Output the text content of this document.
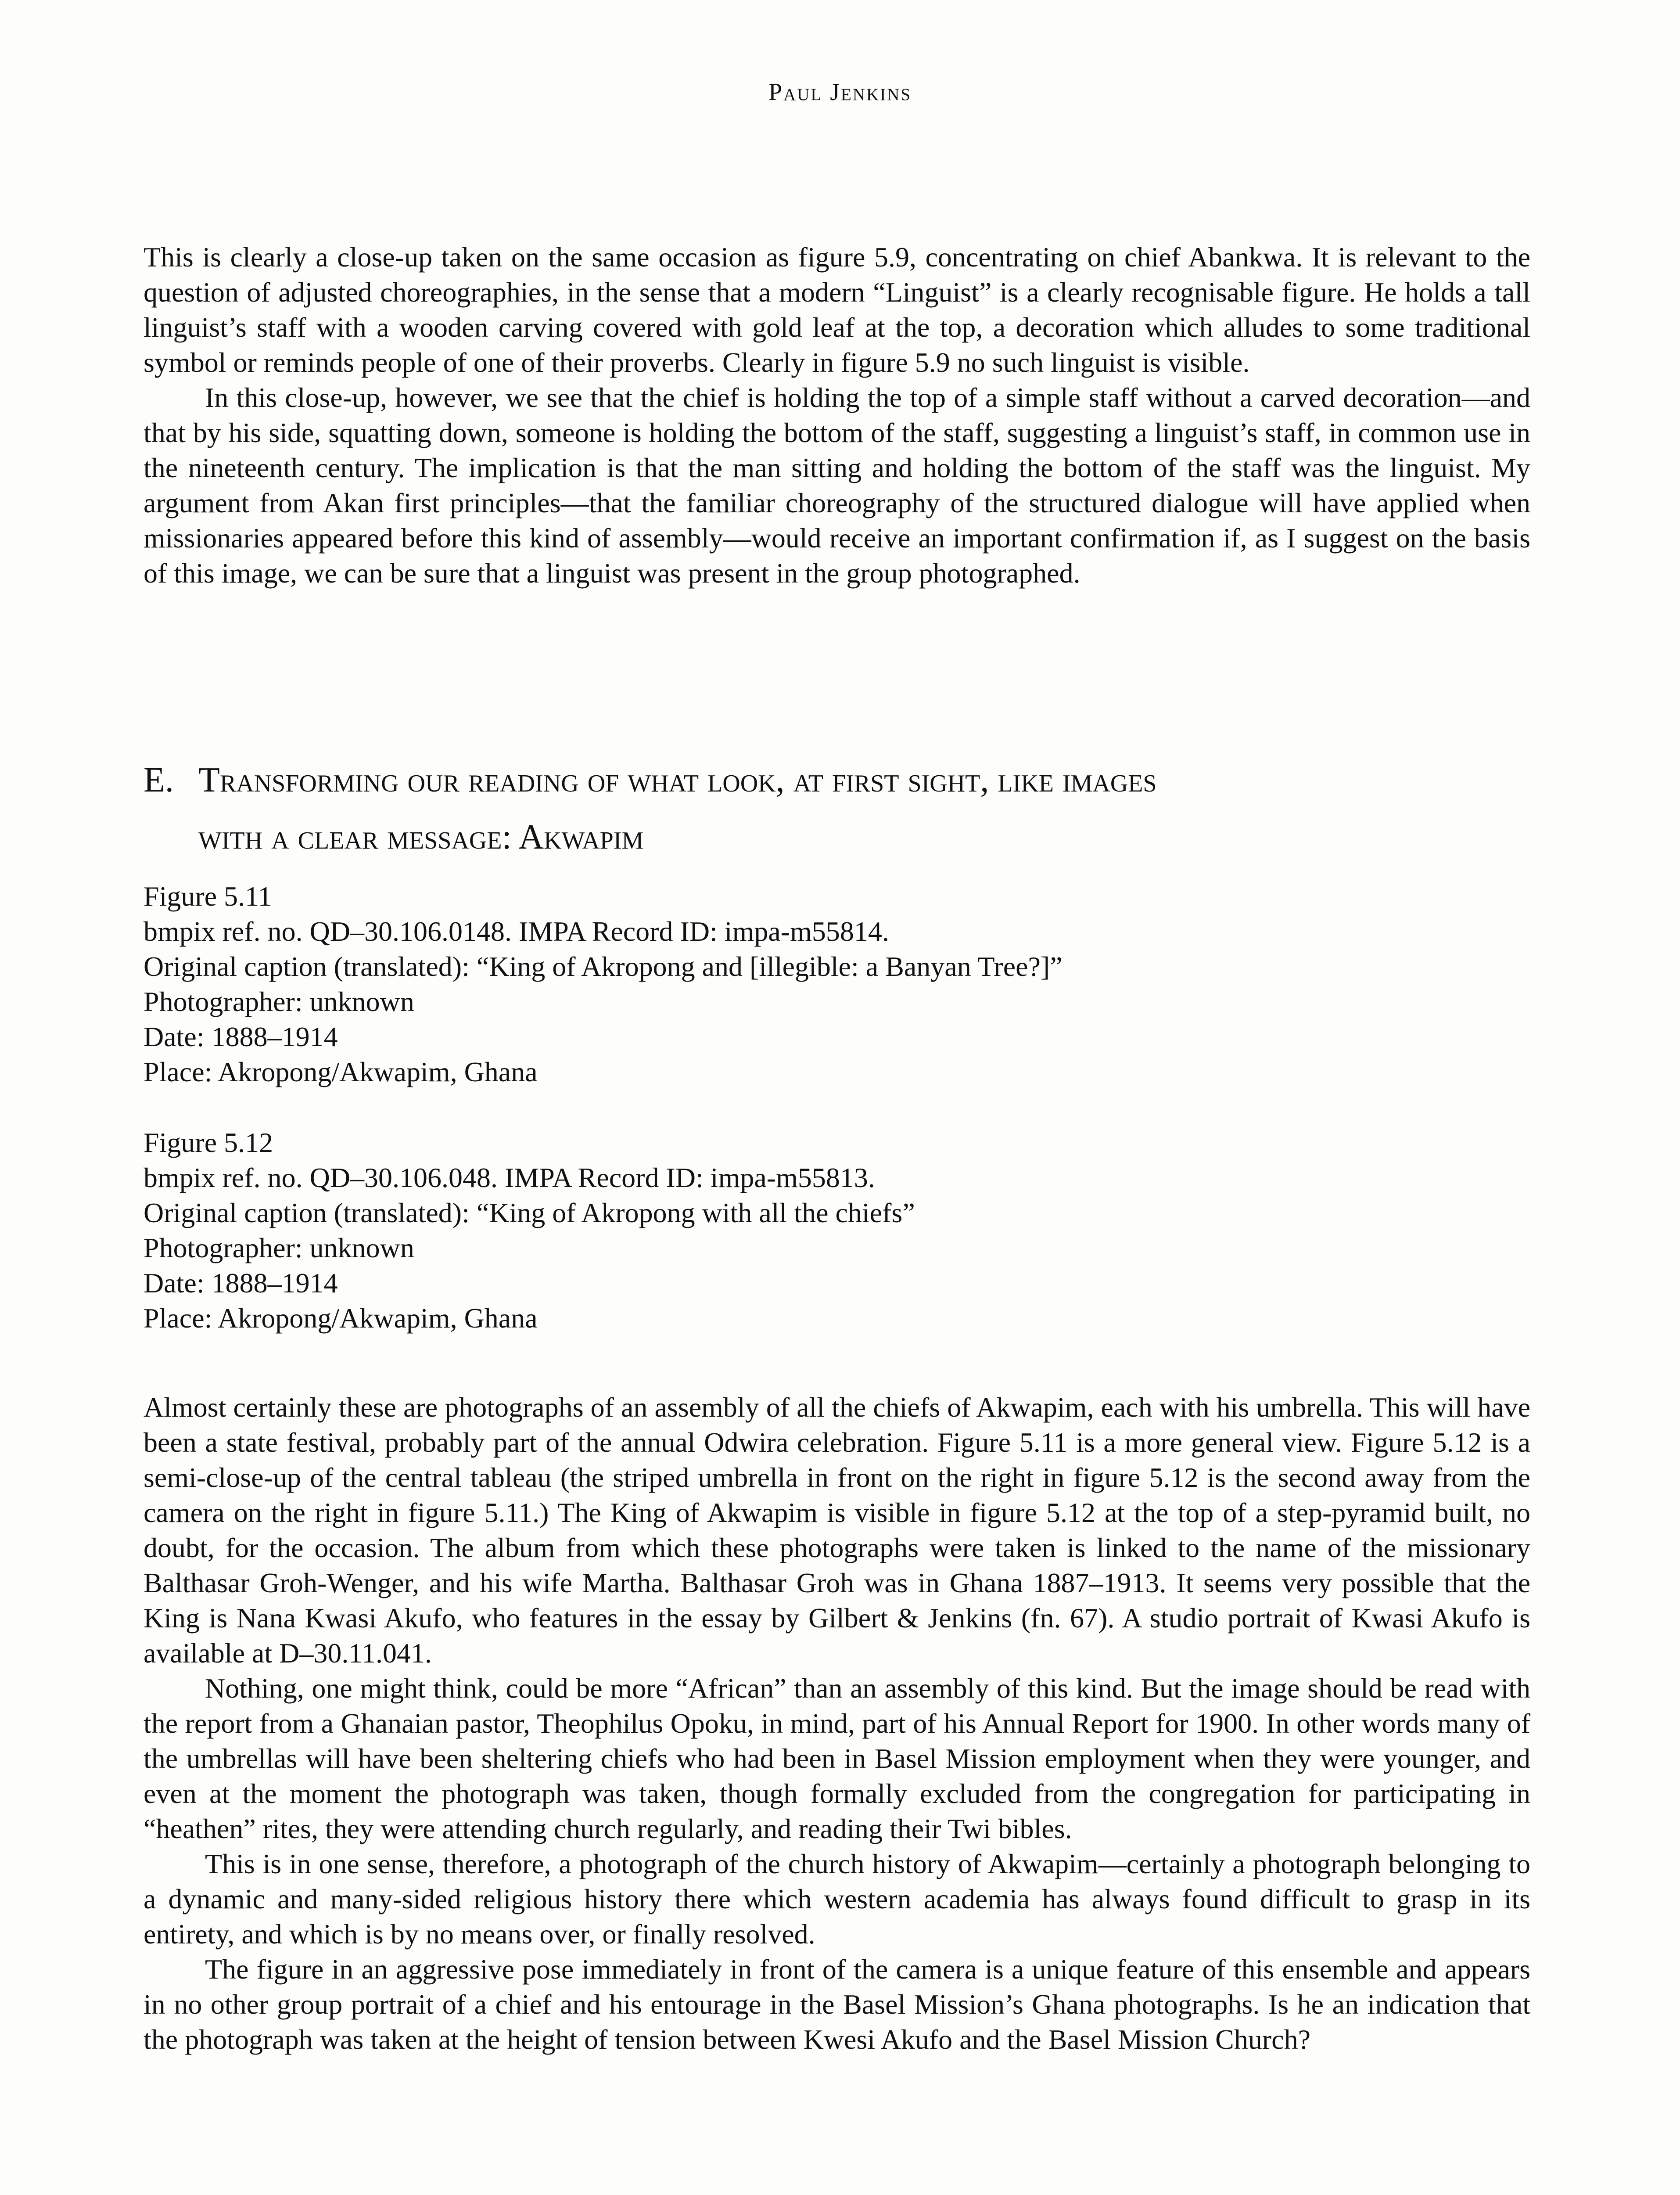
Paul Jenkins

This is clearly a close-up taken on the same occasion as figure 5.9, concentrating on chief Abankwa. It is relevant to the question of adjusted choreographies, in the sense that a modern “Linguist” is a clearly recognisable figure. He holds a tall linguist’s staff with a wooden carving covered with gold leaf at the top, a decoration which alludes to some traditional symbol or reminds people of one of their proverbs. Clearly in figure 5.9 no such linguist is visible.

In this close-up, however, we see that the chief is holding the top of a simple staff without a carved decoration—and that by his side, squatting down, someone is holding the bottom of the staff, suggesting a linguist’s staff, in common use in the nineteenth century. The implication is that the man sitting and holding the bottom of the staff was the linguist. My argument from Akan first principles—that the familiar choreography of the structured dialogue will have applied when missionaries appeared before this kind of assembly—would receive an important confirmation if, as I suggest on the basis of this image, we can be sure that a linguist was present in the group photographed.

E. Transforming our reading of what look, at first sight, like images
with a clear message: Akwapim
Figure 5.11
bmpix ref. no. QD–30.106.0148. IMPA Record ID: impa-m55814.
Original caption (translated): “King of Akropong and [illegible: a Banyan Tree?]”
Photographer: unknown
Date: 1888–1914
Place: Akropong/Akwapim, Ghana
Figure 5.12
bmpix ref. no. QD–30.106.048. IMPA Record ID: impa-m55813.
Original caption (translated): “King of Akropong with all the chiefs”
Photographer: unknown
Date: 1888–1914
Place: Akropong/Akwapim, Ghana

Almost certainly these are photographs of an assembly of all the chiefs of Akwapim, each with his umbrella. This will have been a state festival, probably part of the annual Odwira celebration. Figure 5.11 is a more general view. Figure 5.12 is a semi-close-up of the central tableau (the striped umbrella in front on the right in figure 5.12 is the second away from the camera on the right in figure 5.11.) The King of Akwapim is visible in figure 5.12 at the top of a step-pyramid built, no doubt, for the occasion. The album from which these photographs were taken is linked to the name of the missionary Balthasar Groh-Wenger, and his wife Martha. Balthasar Groh was in Ghana 1887–1913. It seems very possible that the King is Nana Kwasi Akufo, who features in the essay by Gilbert & Jenkins (fn. 67). A studio portrait of Kwasi Akufo is available at D–30.11.041.

Nothing, one might think, could be more “African” than an assembly of this kind. But the image should be read with the report from a Ghanaian pastor, Theophilus Opoku, in mind, part of his Annual Report for 1900. In other words many of the umbrellas will have been sheltering chiefs who had been in Basel Mission employment when they were younger, and even at the moment the photograph was taken, though formally excluded from the congregation for participating in “heathen” rites, they were attending church regularly, and reading their Twi bibles.

This is in one sense, therefore, a photograph of the church history of Akwapim—certainly a photograph belonging to a dynamic and many-sided religious history there which western academia has always found difficult to grasp in its entirety, and which is by no means over, or finally resolved.

The figure in an aggressive pose immediately in front of the camera is a unique feature of this ensemble and appears in no other group portrait of a chief and his entourage in the Basel Mission’s Ghana photographs. Is he an indication that the photograph was taken at the height of tension between Kwesi Akufo and the Basel Mission Church?
